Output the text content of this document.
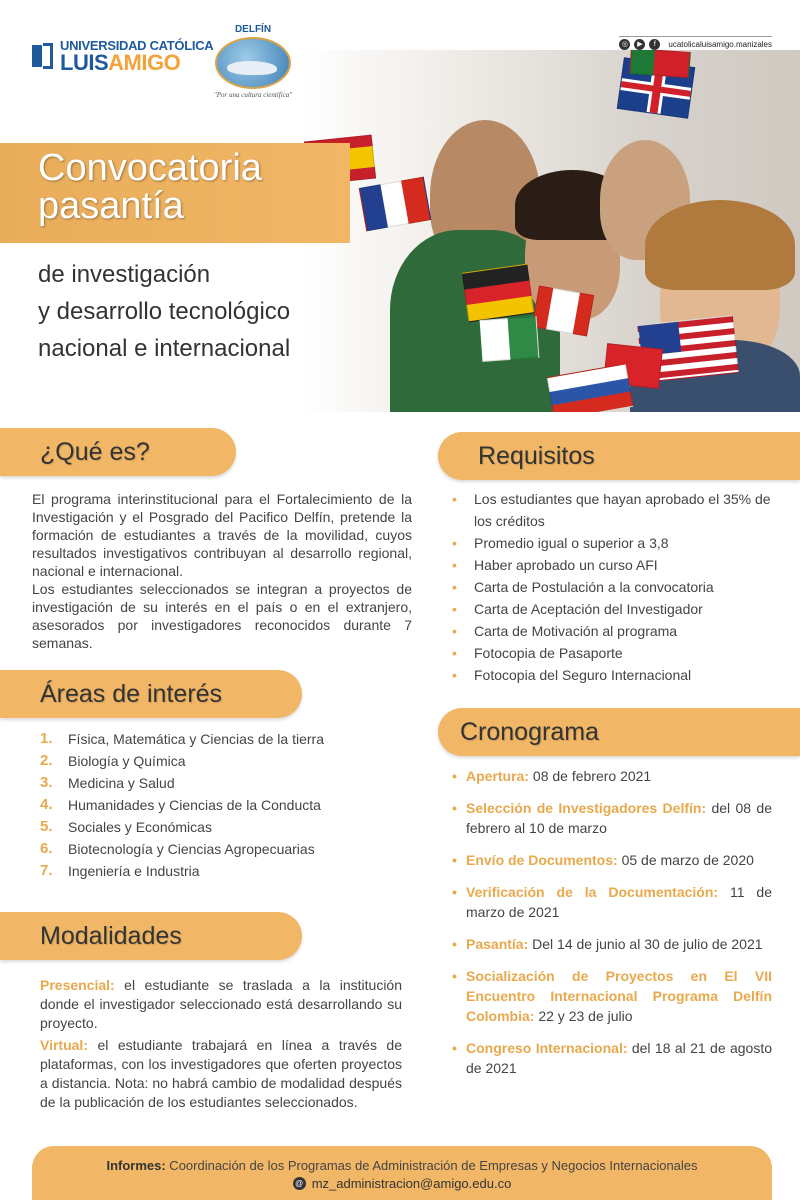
UNIVERSIDAD CATÓLICA
LUISAMIGO
DELFÍN
"Por una cultura científica"
◎	▶	f	ucatolicaluisamigo.manizales
Convocatoria
pasantía
de investigación
y desarrollo tecnológico
nacional e internacional
¿Qué es?
El programa interinstitucional para el Fortalecimiento de la Investigación y el Posgrado del Pacifico Delfín, pretende la formación de estudiantes a través de la movilidad, cuyos resultados investigativos contribuyan al desarrollo regional, nacional e internacional.
Los estudiantes seleccionados se integran a proyectos de investigación de su interés en el país o en el extranjero, asesorados por investigadores reconocidos durante 7 semanas.
Áreas de interés
1.	Física, Matemática y Ciencias de la tierra
2.	Biología y Química
3.	Medicina y Salud
4.	Humanidades y Ciencias de la Conducta
5.	Sociales y Económicas
6.	Biotecnología y Ciencias Agropecuarias
7.	Ingeniería e Industria
Modalidades
Presencial: el estudiante se traslada a la institución donde el investigador seleccionado está desarrollando su proyecto.
Virtual: el estudiante trabajará en línea a través de plataformas, con los investigadores que oferten proyectos a distancia. Nota: no habrá cambio de modalidad después de la publicación de los estudiantes seleccionados.
Requisitos
•	Los estudiantes que hayan aprobado el 35% de los créditos
•	Promedio igual o superior a 3,8
•	Haber aprobado un curso AFI
•	Carta de Postulación a la convocatoria
•	Carta de Aceptación del Investigador
•	Carta de Motivación al programa
•	Fotocopia de Pasaporte
•	Fotocopia del Seguro Internacional
Cronograma
• Apertura: 08 de febrero 2021
• Selección de Investigadores Delfín: del 08 de febrero al 10 de marzo
• Envío de Documentos: 05 de marzo de 2020
• Verificación de la Documentación: 11 de marzo de 2021
• Pasantía: Del 14 de junio al 30 de julio de 2021
• Socialización de Proyectos en El VII Encuentro Internacional Programa Delfín Colombia: 22 y 23 de julio
• Congreso Internacional: del 18 al 21 de agosto de 2021
Informes: Coordinación de los Programas de Administración de Empresas y Negocios Internacionales
@ mz_administracion@amigo.edu.co
